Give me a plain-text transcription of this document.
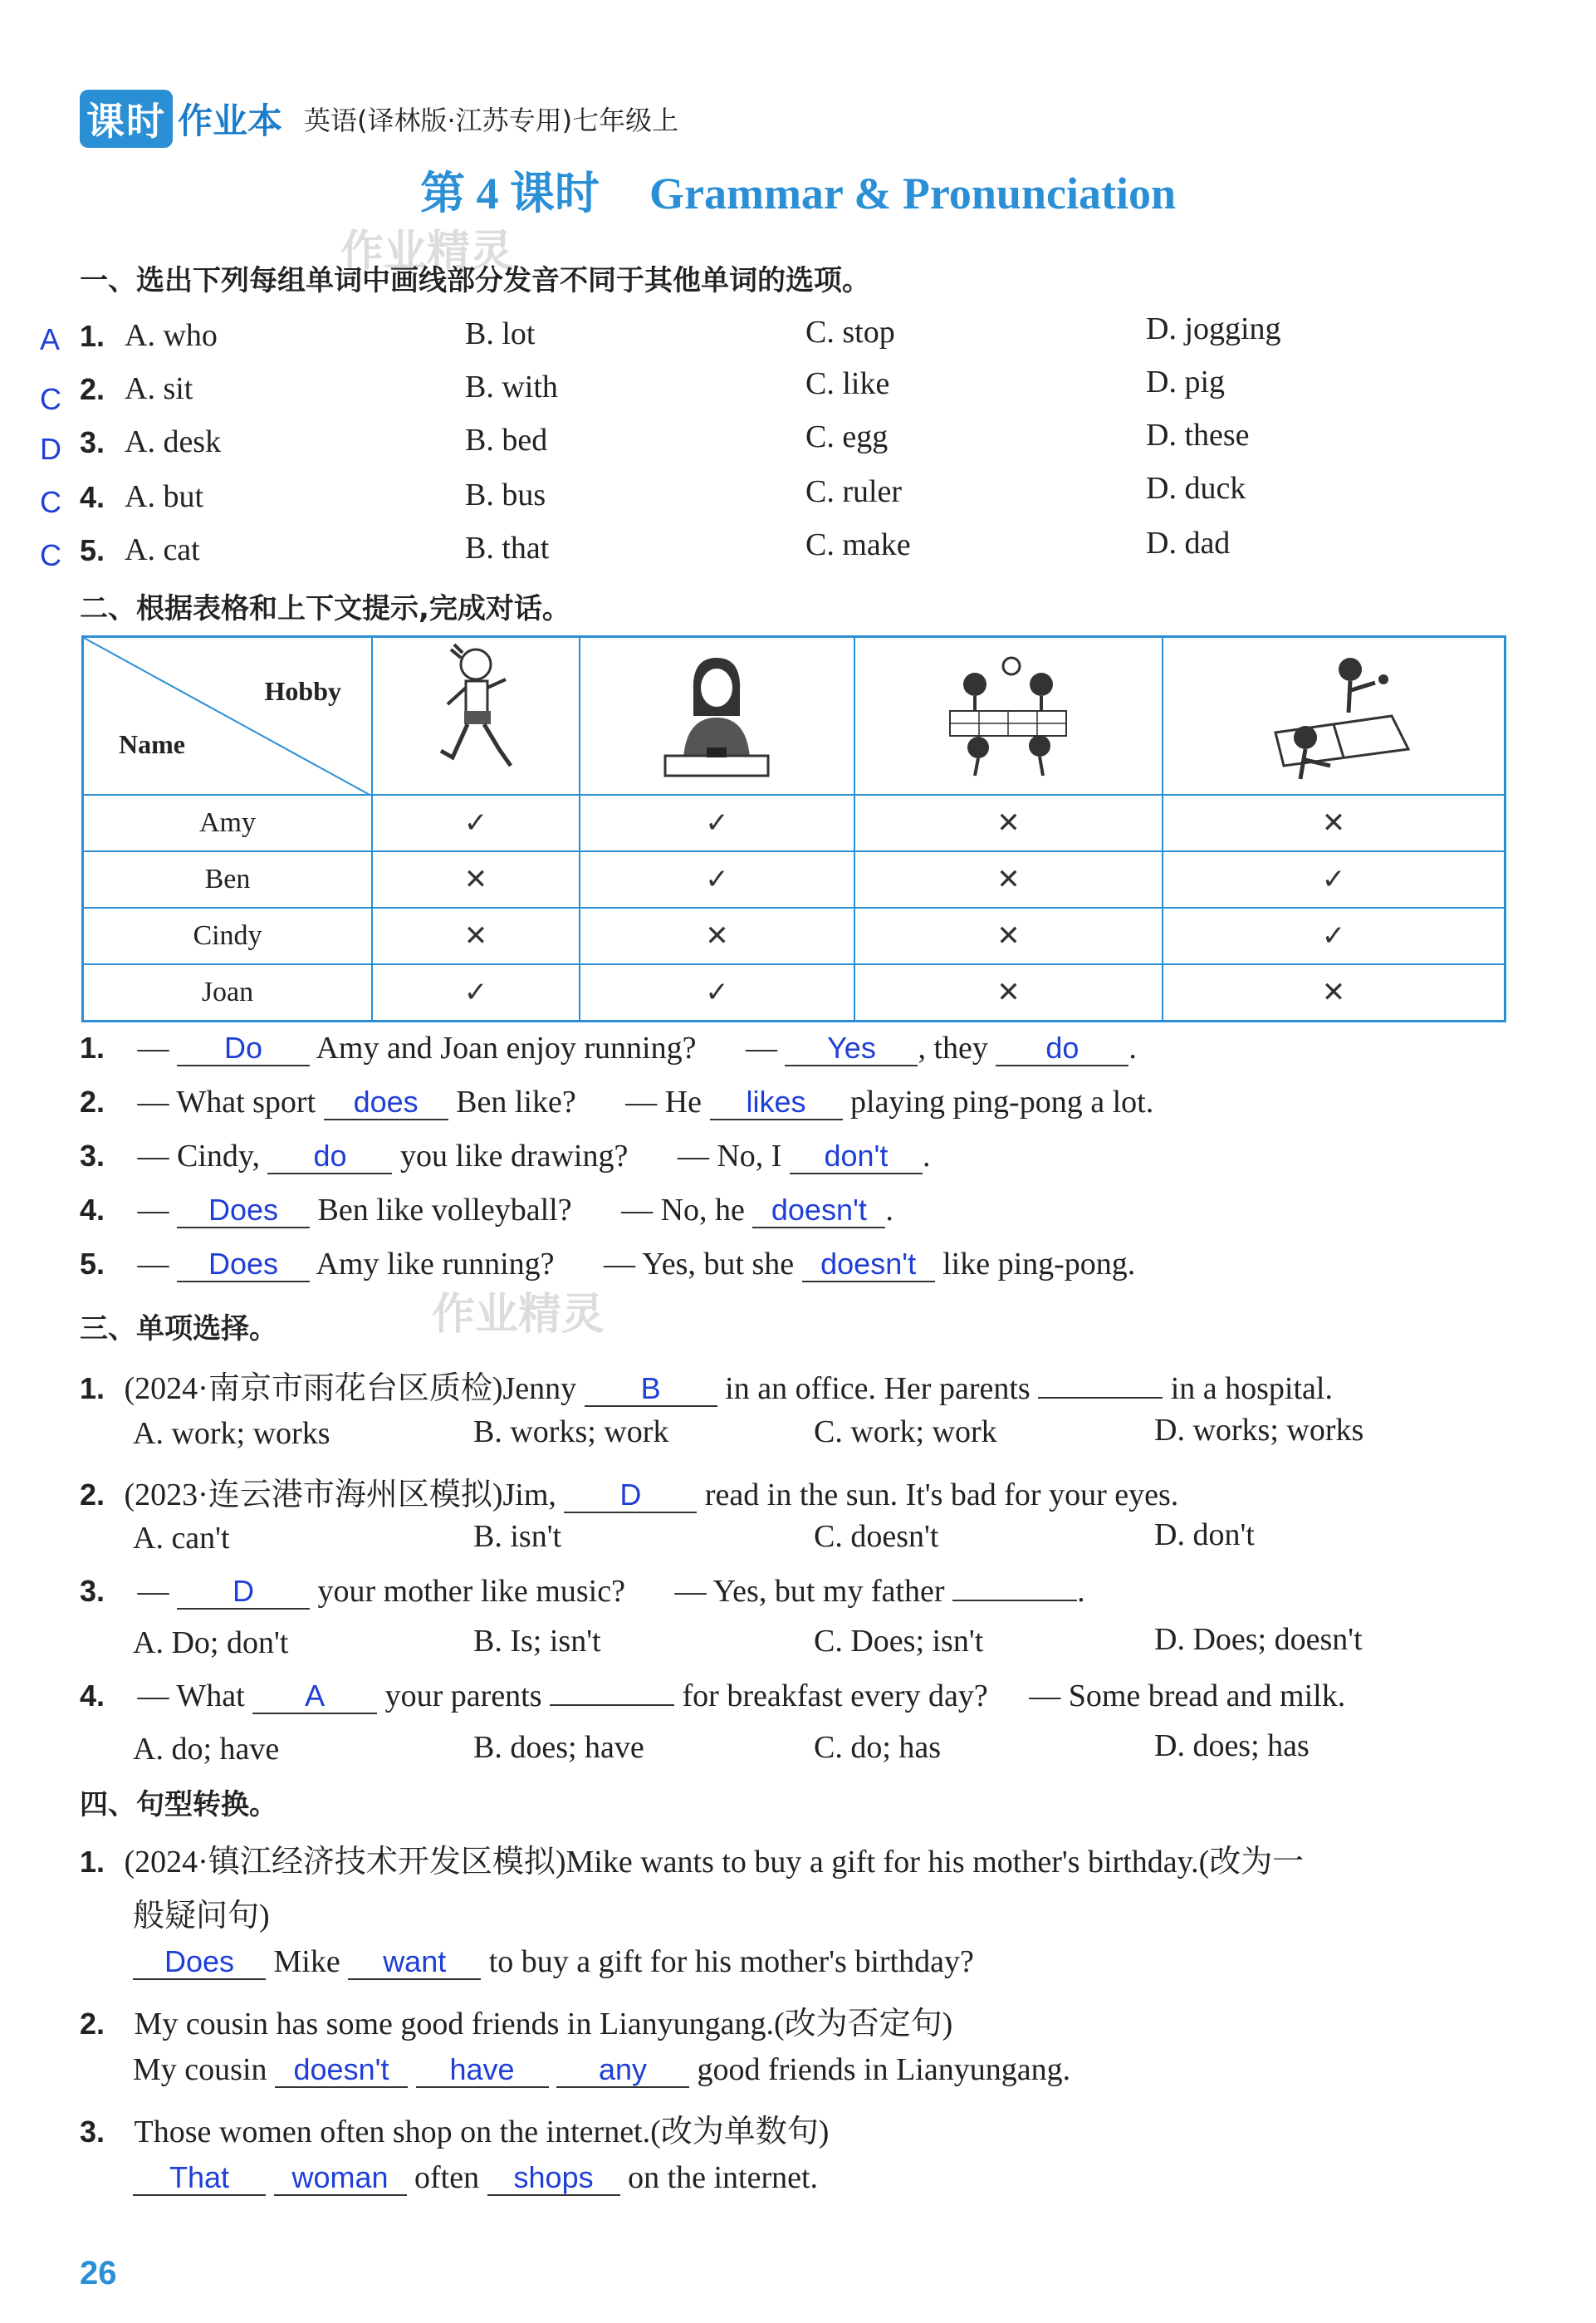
课时 作业本 英语(译林版·江苏专用)七年级上
第 4 课时 Grammar & Pronunciation
作业精灵
作业精灵
一、选出下列每组单词中画线部分发音不同于其他单词的选项。
A 1. A. who	B. lot	C. stop	D. jogging
C 2. A. sit	B. with	C. like	D. pig
D 3. A. desk	B. bed	C. egg	D. these
C 4. A. but	B. bus	C. ruler	D. duck
C 5. A. cat	B. that	C. make	D. dad
二、根据表格和上下文提示,完成对话。
Hobby
Name

Amy	✓	✓	✕	✕
Ben	✕	✓	✕	✓
Cindy	✕	✕	✕	✓
Joan	✓	✓	✕	✕
1. — Do Amy and Joan enjoy running? — Yes , they do .
2. — What sport does Ben like? — He likes playing ping-pong a lot.
3. — Cindy, do you like drawing? — No, I don't .
4. — Does Ben like volleyball? — No, he doesn't .
5. — Does Amy like running? — Yes, but she doesn't like ping-pong.
三、单项选择。
1. (2024·南京市雨花台区质检)Jenny B in an office. Her parents	in a hospital.
A. work; works	B. works; work	C. work; work	D. works; works
2. (2023·连云港市海州区模拟)Jim, D read in the sun. It's bad for your eyes.
A. can't	B. isn't	C. doesn't	D. don't
3. — D your mother like music? — Yes, but my father	.
A. Do; don't	B. Is; isn't	C. Does; isn't	D. Does; doesn't
4. — What A your parents	for breakfast every day? — Some bread and milk.
A. do; have	B. does; have	C. do; has	D. does; has
四、句型转换。
1. (2024·镇江经济技术开发区模拟)Mike wants to buy a gift for his mother's birthday.(改为一
般疑问句)
Does Mike want to buy a gift for his mother's birthday?
2. My cousin has some good friends in Lianyungang.(改为否定句)
My cousin doesn't have	any good friends in Lianyungang.
3. Those women often shop on the internet.(改为单数句)
That woman often shops on the internet.
26
